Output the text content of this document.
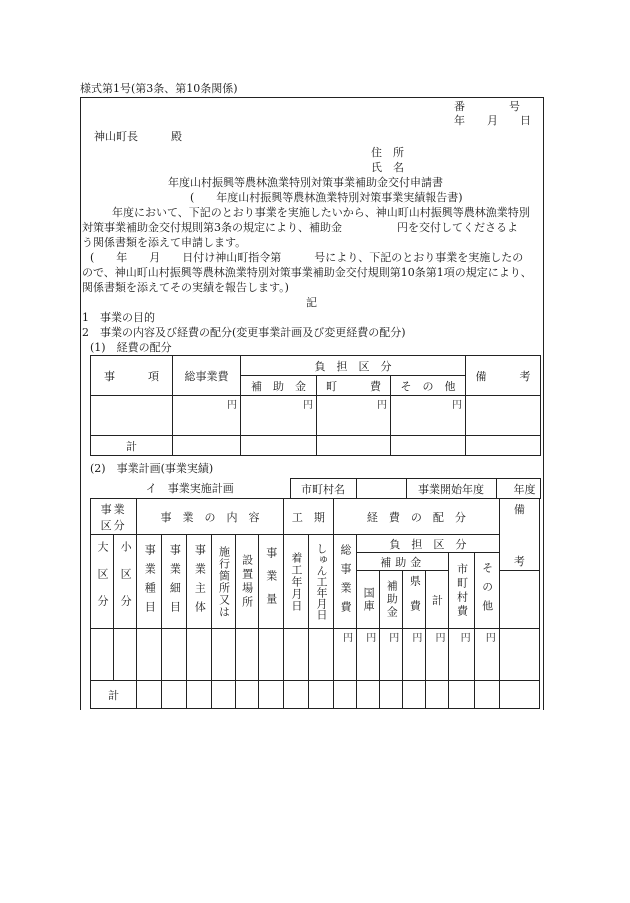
様式第1号(第3条、第10条関係)
番　　　　号
年　　月　　日
神山町長　　　殿
住　所
氏　名
年度山村振興等農林漁業特別対策事業補助金交付申請書
(　　年度山村振興等農林漁業特別対策事業実績報告書)
　　年度において、下記のとおり事業を実施したいから、神山町山村振興等農林漁業特別
対策事業補助金交付規則第3条の規定により、補助金　　　　　円を交付してくださるよ
う関係書類を添えて申請します。
(　　年　　月　　日付け神山町指令第　　　号により、下記のとおり事業を実施したの
ので、神山町山村振興等農林漁業特別対策事業補助金交付規則第10条第1項の規定により、
関係書類を添えてその実績を報告します。)
記
1　事業の目的
2　事業の内容及び経費の配分(変更事業計画及び変更経費の配分)
(1)　経費の配分
事　　　項	総事業費	負　担　区　分			備　　　考
		補　助　金	町　　　費	そ　の　他	
	円	円	円	円	
計					
(2)　事業計画(事業実績)
イ　事業実施計画	市町村名		事業開始年度	年度
事業区分		事　業　の　内　容						工　期		経　費　の　配　分							備
考

大区分	小区分	事業種目	事業細目	事業主体	施行箇所又は	設置場所	事業量	着工年月日	しゅん工年月日	総事業費	負　担　区　分						
											補助金				市町村費	その他	

											国庫	補助金	県費	計			
										円	円	円	円	円	円	円	
計																	
